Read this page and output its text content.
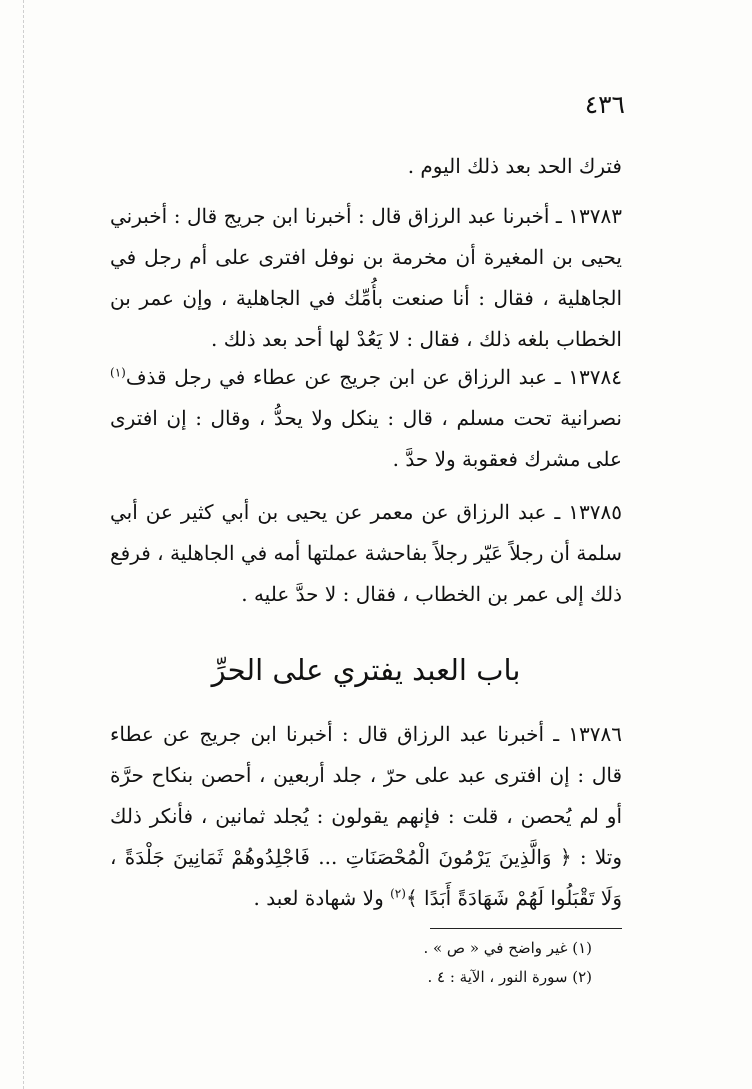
٤٣٦

فترك الحد بعد ذلك اليوم .

١٣٧٨٣ ـ أخبرنا عبد الرزاق قال : أخبرنا ابن جريج قال : أخبرني يحيى بن المغيرة أن مخرمة بن نوفل افترى على أم رجل في الجاهلية ، فقال : أنا صنعت بأُمِّك في الجاهلية ، وإن عمر بن الخطاب بلغه ذلك ، فقال : لا يَعُدْ لها أحد بعد ذلك .

١٣٧٨٤ ـ عبد الرزاق عن ابن جريج عن عطاء في رجل قذف$^{(١)}$ نصرانية تحت مسلم ، قال : ينكل ولا يحدُّ ، وقال : إن افترى على مشرك فعقوبة ولا حدَّ .

١٣٧٨٥ ـ عبد الرزاق عن معمر عن يحيى بن أبي كثير عن أبي سلمة أن رجلاً عَيّر رجلاً بفاحشة عملتها أمه في الجاهلية ، فرفع ذلك إلى عمر بن الخطاب ، فقال : لا حدَّ عليه .

باب العبد يفتري على الحرِّ

١٣٧٨٦ ـ أخبرنا عبد الرزاق قال : أخبرنا ابن جريج عن عطاء قال : إن افترى عبد على حرّ ، جلد أربعين ، أحصن بنكاح حرَّة أو لم يُحصن ، قلت : فإنهم يقولون : يُجلد ثمانين ، فأنكر ذلك وتلا : ﴿ وَالَّذِينَ يَرْمُونَ الْمُحْصَنَاتِ ... فَاجْلِدُوهُمْ ثَمَانِينَ جَلْدَةً ، وَلَا تَقْبَلُوا لَهُمْ شَهَادَةً أَبَدًا ﴾$^{(٢)}$ ولا شهادة لعبد .

(١) غير واضح في « ص » .
(٢) سورة النور ، الآية : ٤ .
